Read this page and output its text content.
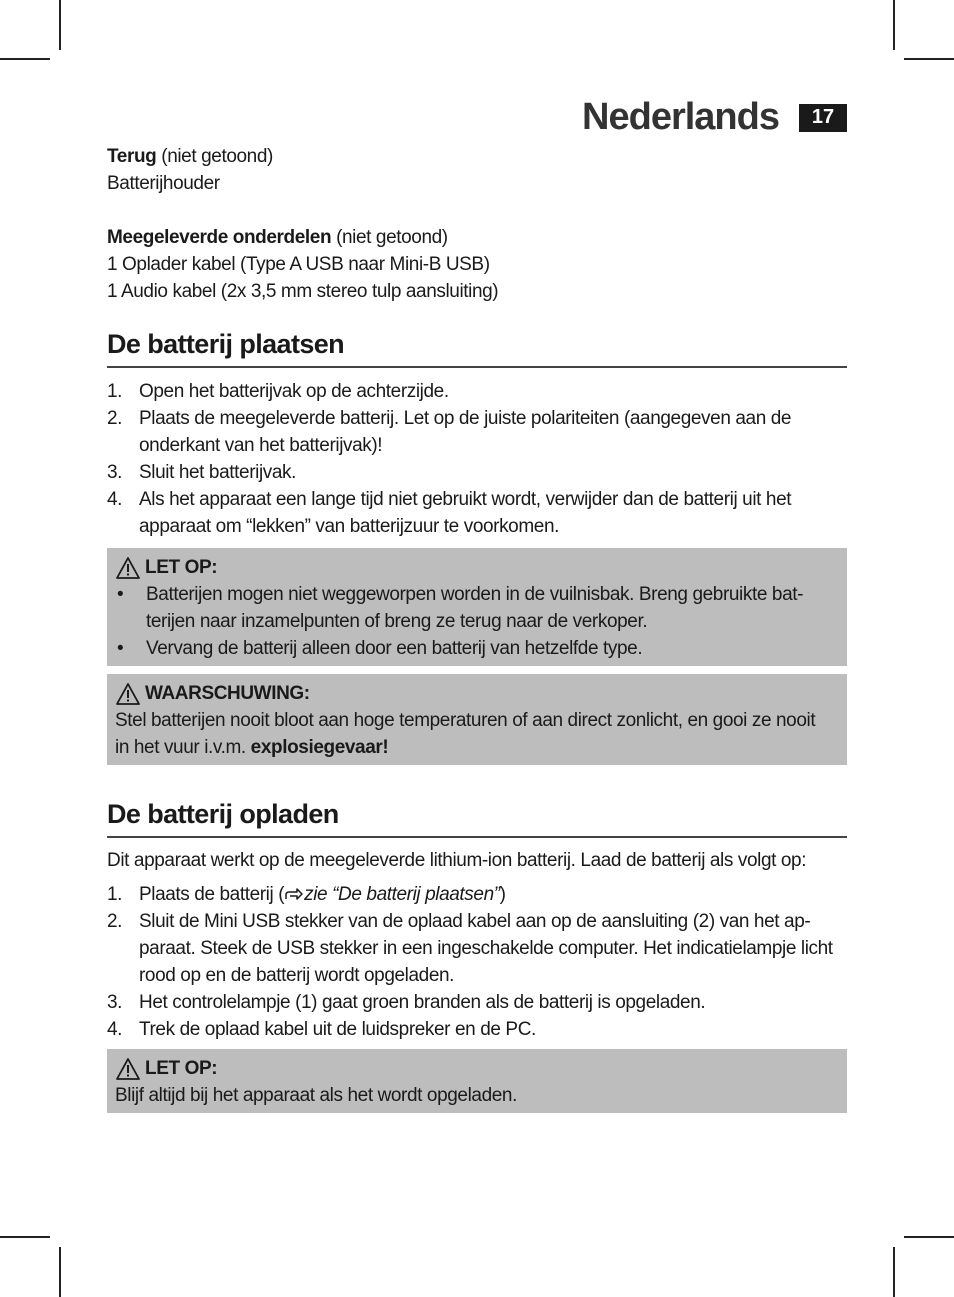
Nederlands	17
Terug (niet getoond)
Batterijhouder
Meegeleverde onderdelen (niet getoond)
1 Oplader kabel (Type A USB naar Mini-B USB)
1 Audio kabel (2x 3,5 mm stereo tulp aansluiting)
De batterij plaatsen
1. Open het batterijvak op de achterzijde.
2. Plaats de meegeleverde batterij. Let op de juiste polariteiten (aangegeven aan de
onderkant van het batterijvak)!
3. Sluit het batterijvak.
4. Als het apparaat een lange tijd niet gebruikt wordt, verwijder dan de batterij uit het
apparaat om “lekken” van batterijzuur te voorkomen.
LET OP:
• Batterijen mogen niet weggeworpen worden in de vuilnisbak. Breng gebruikte bat-
terijen naar inzamelpunten of breng ze terug naar de verkoper.
• Vervang de batterij alleen door een batterij van hetzelfde type.
WAARSCHUWING:
Stel batterijen nooit bloot aan hoge temperaturen of aan direct zonlicht, en gooi ze nooit
in het vuur i.v.m. explosiegevaar!
De batterij opladen
Dit apparaat werkt op de meegeleverde lithium-ion batterij. Laad de batterij als volgt op:
1. Plaats de batterij ( zie “De batterij plaatsen”)
2. Sluit de Mini USB stekker van de oplaad kabel aan op de aansluiting (2) van het ap-
paraat. Steek de USB stekker in een ingeschakelde computer. Het indicatielampje licht
rood op en de batterij wordt opgeladen.
3. Het controlelampje (1) gaat groen branden als de batterij is opgeladen.
4. Trek de oplaad kabel uit de luidspreker en de PC.
LET OP:
Blijf altijd bij het apparaat als het wordt opgeladen.
